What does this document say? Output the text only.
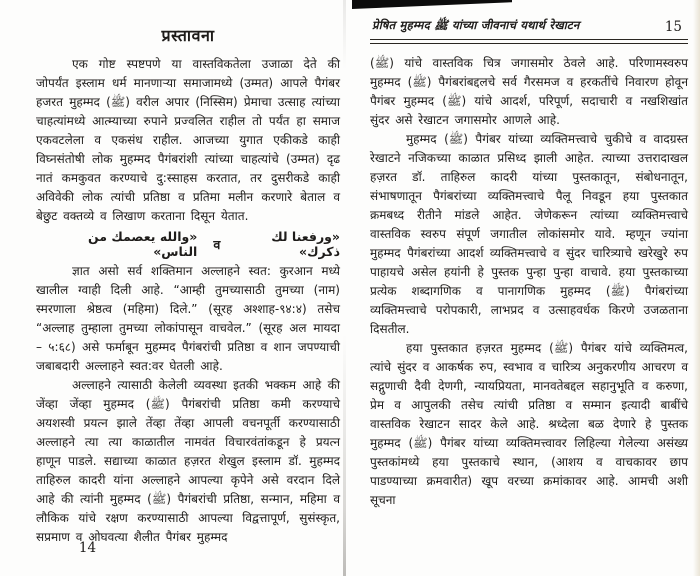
प्रस्तावना

एक गोष्ट स्पष्टपणे या वास्तविकतेला उजाळा देते की जोपर्यंत इस्लाम धर्म मानणाऱ्या समाजामध्ये (उम्मत) आपले पैगंबर हजरत मुहम्मद (ﷺ) वरील अपार (निस्सिम) प्रेमाचा उत्साह त्यांच्या चाहत्यांमध्ये आत्म्याच्या रुपाने प्रज्वलित राहील तो पर्यंत हा समाज एकवटलेला व एकसंध राहील. आजच्या युगात एकीकडे काही विघ्नसंतोषी लोक मुहम्मद पैगंबरांशी त्यांच्या चाहत्यांचे (उम्मत) दृढ नातं कमकुवत करण्याचे दु:स्साहस करतात, तर दुसरीकडे काही अविवेकी लोक त्यांची प्रतिष्ठा व प्रतिमा मलीन करणारे बेताल व बेछुट वक्तव्ये व लिखाण करताना दिसून येतात.

«والله يعصمك من الناس» व	«ورفعنا لك ذكرك»

ज्ञात असो सर्व शक्तिमान अल्लाहने स्वत: कुरआन मध्ये खालील ग्वाही दिली आहे. “आम्ही तुमच्यासाठी तुमच्या (नाम) स्मरणाला श्रेष्ठत्व (महिमा) दिले.” (सूरह अश्शाह-९४:४) तसेच “अल्लाह तुम्हाला तुमच्या लोकांपासून वाचवेल.” (सूरह अल मायदा – ५:६८) असे फर्माबून मुहम्मद पैगंबरांची प्रतिष्ठा व शान जपण्याची जबाबदारी अल्लाहने स्वत:वर घेतली आहे.

अल्लाहने त्यासाठी केलेली व्यवस्था इतकी भक्कम आहे की जेंव्हा जेंव्हा मुहम्मद (ﷺ) पैगंबरांची प्रतिष्ठा कमी करण्याचे अयशस्वी प्रयत्न झाले तेंव्हा तेंव्हा आपली वचनपूर्ती करण्यासाठी अल्लाहने त्या त्या काळातील नामवंत विचारवंतांकडून हे प्रयत्न हाणून पाडले. सद्याच्या काळात हज़रत शेखुल इस्लाम डॉ. मुहम्मद ताहिरुल कादरी यांना अल्लाहने आपल्या कृपेने असे वरदान दिले आहे की त्यांनी मुहम्मद (ﷺ) पैगंबरांची प्रतिष्ठा, सन्मान, महिमा व लौकिक यांचे रक्षण करण्यासाठी आपल्या विद्वत्तापूर्ण, सुसंस्कृत, सप्रमाण व ओघवत्या शैलीत पैगंबर मुहम्मद

14
प्रेषित मुहम्मद ﷺ यांच्या जीवनाचं यथार्थ रेखाटन	15

(ﷺ) यांचे वास्तविक चित्र जगासमोर ठेवले आहे. परिणामस्वरुप मुहम्मद (ﷺ) पैगंबरांबद्दलचे सर्व गैरसमज व हरकतींचे निवारण होवून पैगंबर मुहम्मद (ﷺ) यांचे आदर्श, परिपूर्ण, सदाचारी व नखशिखांत सुंदर असे रेखाटन जगासमोर आणले आहे.

मुहम्मद (ﷺ) पैगंबर यांच्या व्यक्तिमत्त्वाचे चुकीचे व वादग्रस्त रेखाटने नजिकच्या काळात प्रसिध्द झाली आहेत. त्याच्या उत्तरादाखल हज़रत डॉ. ताहिरुल कादरी यांच्या पुस्तकातून, संबोधनातून, संभाषणातून पैगंबरांच्या व्यक्तिमत्त्वाचे पैलू निवडून हया पुस्तकात क्रमबध्द रीतीने मांडले आहेत. जेणेकरून त्यांच्या व्यक्तिमत्त्वाचे वास्तविक स्वरुप संपूर्ण जगातील लोकांसमोर यावे. म्हणून ज्यांना मुहम्मद पैगंबरांच्या आदर्श व्यक्तिमत्त्वाचे व सुंदर चारित्र्याचे खरेखुरे रुप पाहायचे असेल हयांनी हे पुस्तक पुन्हा पुन्हा वाचावे. हया पुस्तकाच्या प्रत्येक शब्दागणिक व पानागणिक मुहम्मद (ﷺ) पैगंबरांच्या व्यक्तिमत्त्वाचे परोपकारी, लाभप्रद व उत्साहवर्धक किरणे उजळताना दिसतील.

हया पुस्तकात हज़रत मुहम्मद (ﷺ) पैगंबर यांचे व्यक्तिमत्व, त्यांचे सुंदर व आकर्षक रुप, स्वभाव व चारित्र्य अनुकरणीय आचरण व सद्गुणाची दैवी देणगी, न्यायप्रियता, मानवतेबद्दल सहानुभूति व करुणा, प्रेम व आपुलकी तसेच त्यांची प्रतिष्ठा व सम्मान इत्यादी बाबींचे वास्तविक रेखाटन सादर केले आहे. श्रध्देला बळ देणारे हे पुस्तक मुहम्मद (ﷺ) पैगंबर यांच्या व्यक्तिमत्त्वावर लिहिल्या गेलेल्या असंख्य पुस्तकांमध्ये हया पुस्तकाचे स्थान, (आशय व वाचकावर छाप पाडण्याच्या क्रमवारीत) खूप वरच्या क्रमांकावर आहे. आमची अशी सूचना
